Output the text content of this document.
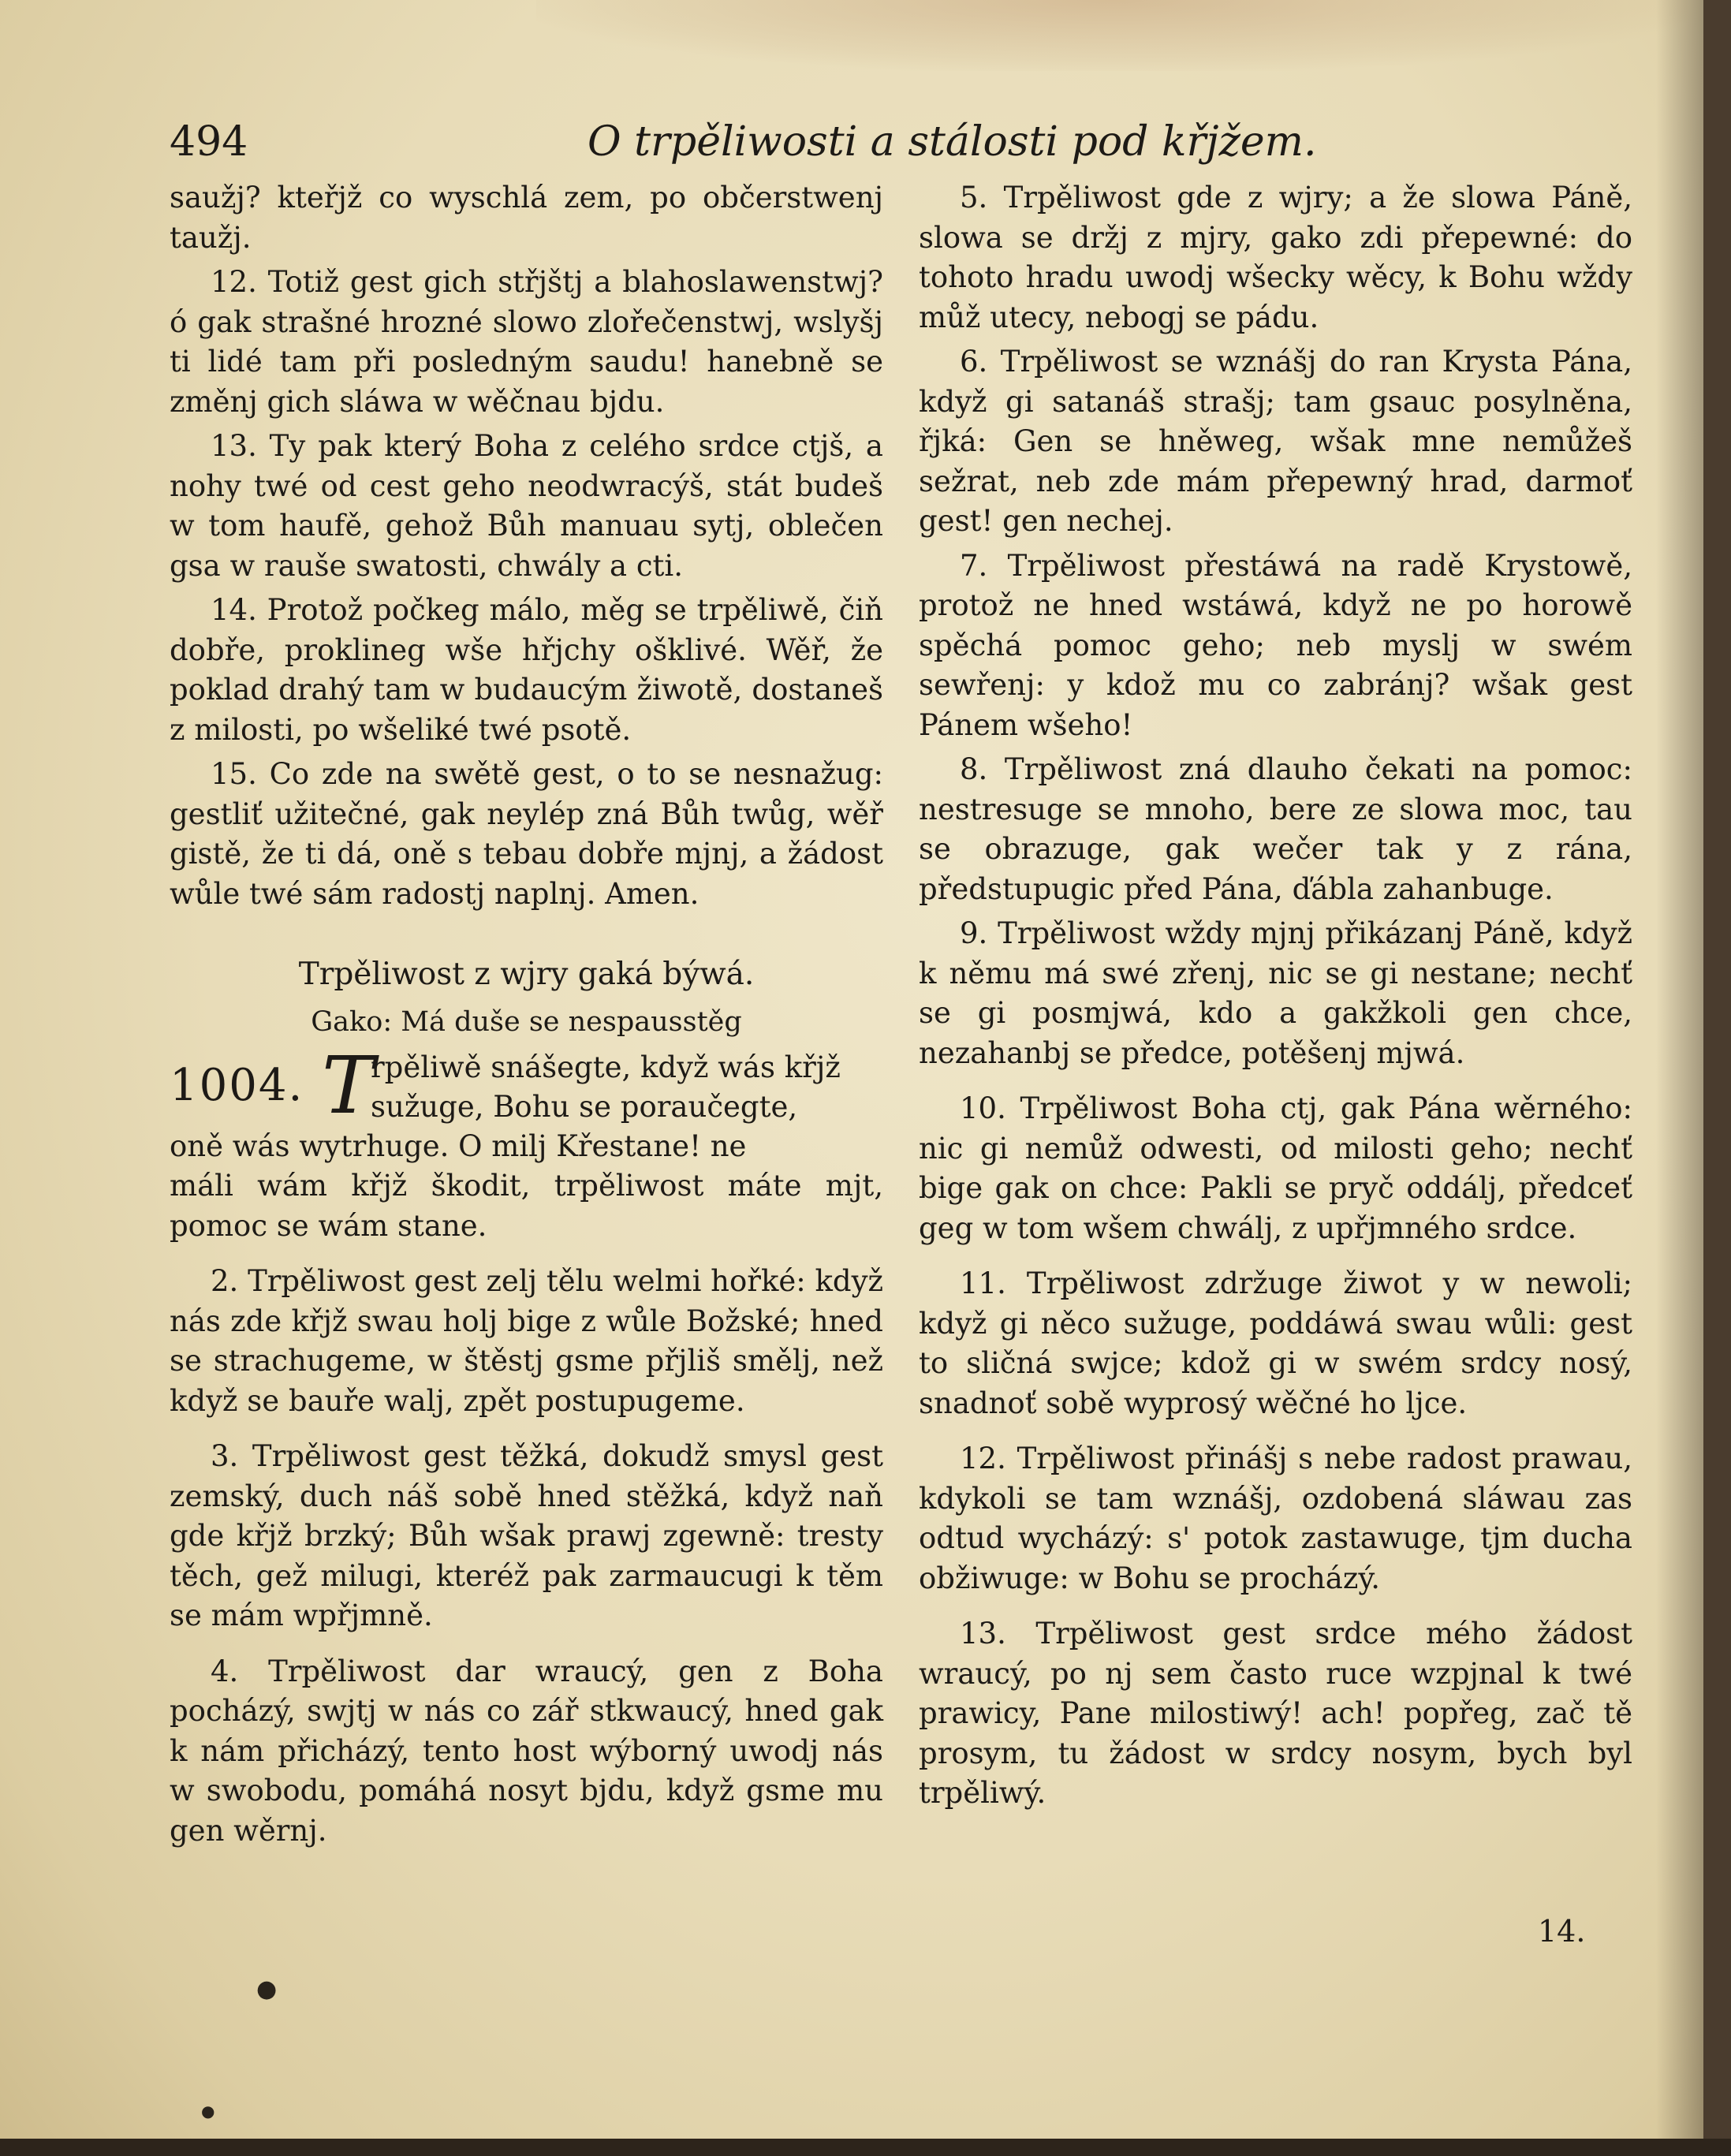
494	O trpěliwosti a stálosti pod křjžem.

saužj? kteřjž co wyschlá zem, po občerstwenj taužj.

12. Totiž gest gich střjštj a blahoslawenstwj? ó gak strašné hrozné slowo zlořečenstwj, wslyšj ti lidé tam při posledným saudu! hanebně se změnj gich sláwa w wěčnau bjdu.

13. Ty pak který Boha z celého srdce ctjš, a nohy twé od cest geho neodwracýš, stát budeš w tom haufě, gehož Bůh manuau sytj, oblečen gsa w rauše swatosti, chwály a cti.

14. Protož počkeg málo, měg se trpěliwě, čiň dobře, proklineg wše hřjchy ošklivé. Wěř, že poklad drahý tam w budaucým žiwotě, dostaneš z milosti, po wšeliké twé psotě.

15. Co zde na swětě gest, o to se nesnažug: gestliť užitečné, gak neylép zná Bůh twůg, wěř gistě, že ti dá, oně s tebau dobře mjnj, a žádost wůle twé sám radostj naplnj. Amen.

Trpěliwost z wjry gaká býwá.
Gako: Má duše se nespausstěg
1004. T
rpěliwě snášegte, když wás křjž
sužuge, Bohu se poraučegte,
oně wás wytrhuge. O milj Křestane! ne

máli wám křjž škodit, trpěliwost máte mjt, pomoc se wám stane.

2. Trpěliwost gest zelj tělu welmi hořké: když nás zde křjž swau holj bige z wůle Božské; hned se strachugeme, w štěstj gsme přjliš smělj, než když se bauře walj, zpět postupugeme.

3. Trpěliwost gest těžká, dokudž smysl gest zemský, duch náš sobě hned stěžká, když naň gde křjž brzký; Bůh wšak prawj zgewně: tresty těch, gež milugi, kteréž pak zarmaucugi k těm se mám wpřjmně.

4. Trpěliwost dar wraucý, gen z Boha pocházý, swjtj w nás co zář stkwaucý, hned gak k nám přicházý, tento host wýborný uwodj nás w swobodu, pomáhá nosyt bjdu, když gsme mu gen wěrnj.

5. Trpěliwost gde z wjry; a že slowa Páně, slowa se držj z mjry, gako zdi přepewné: do tohoto hradu uwodj wšecky wěcy, k Bohu wždy můž utecy, nebogj se pádu.

6. Trpěliwost se wznášj do ran Krysta Pána, když gi satanáš strašj; tam gsauc posylněna, řjká: Gen se hněweg, wšak mne nemůžeš sežrat, neb zde mám přepewný hrad, darmoť gest! gen nechej.

7. Trpěliwost přestáwá na radě Krystowě, protož ne hned wstáwá, když ne po horowě spěchá pomoc geho; neb myslj w swém sewřenj: y kdož mu co zabránj? wšak gest Pánem wšeho!

8. Trpěliwost zná dlauho čekati na pomoc: nestresuge se mnoho, bere ze slowa moc, tau se obrazuge, gak wečer tak y z rána, předstupugic před Pána, ďábla zahanbuge.

9. Trpěliwost wždy mjnj přikázanj Páně, když k němu má swé zřenj, nic se gi nestane; nechť se gi posmjwá, kdo a gakžkoli gen chce, nezahanbj se předce, potěšenj mjwá.

10. Trpěliwost Boha ctj, gak Pána wěrného: nic gi nemůž odwesti, od milosti geho; nechť bige gak on chce: Pakli se pryč oddálj, předceť geg w tom wšem chwálj, z upřjmného srdce.

11. Trpěliwost zdržuge žiwot y w newoli; když gi něco sužuge, poddáwá swau wůli: gest to sličná swjce; kdož gi w swém srdcy nosý, snadnoť sobě wyprosý wěčné ho ljce.

12. Trpěliwost přinášj s nebe radost prawau, kdykoli se tam wznášj, ozdobená sláwau zas odtud wycházý: s' potok zastawuge, tjm ducha obžiwuge: w Bohu se procházý.

13. Trpěliwost gest srdce mého žádost wraucý, po nj sem často ruce wzpjnal k twé prawicy, Pane milostiwý! ach! popřeg, zač tě prosym, tu žádost w srdcy nosym, bych byl trpěliwý.

14.
●
●
